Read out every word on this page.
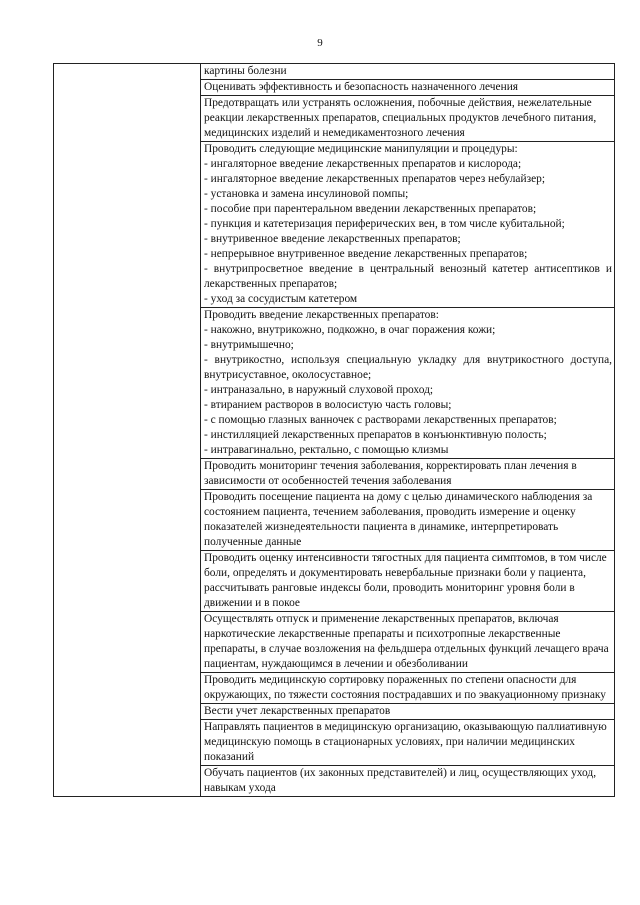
9

картины болезни

Оценивать эффективность и безопасность назначенного лечения

Предотвращать или устранять осложнения, побочные действия, нежелательные реакции лекарственных препаратов, специальных продуктов лечебного питания, медицинских изделий и немедикаментозного лечения

Проводить следующие медицинские манипуляции и процедуры:
- ингаляторное введение лекарственных препаратов и кислорода;
- ингаляторное введение лекарственных препаратов через небулайзер;
- установка и замена инсулиновой помпы;
- пособие при парентеральном введении лекарственных препаратов;
- пункция и катетеризация периферических вен, в том числе кубитальной;
- внутривенное введение лекарственных препаратов;
- непрерывное внутривенное введение лекарственных препаратов;
- внутрипросветное введение в центральный венозный катетер антисептиков и лекарственных препаратов;
- уход за сосудистым катетером

Проводить введение лекарственных препаратов:
- накожно, внутрикожно, подкожно, в очаг поражения кожи;
- внутримышечно;
- внутрикостно, используя специальную укладку для внутрикостного доступа, внутрисуставное, околосуставное;
- интраназально, в наружный слуховой проход;
- втиранием растворов в волосистую часть головы;
- с помощью глазных ванночек с растворами лекарственных препаратов;
- инстилляцией лекарственных препаратов в конъюнктивную полость;
- интравагинально, ректально, с помощью клизмы

Проводить мониторинг течения заболевания, корректировать план лечения в зависимости от особенностей течения заболевания

Проводить посещение пациента на дому с целью динамического наблюдения за состоянием пациента, течением заболевания, проводить измерение и оценку показателей жизнедеятельности пациента в динамике, интерпретировать полученные данные

Проводить оценку интенсивности тягостных для пациента симптомов, в том числе боли, определять и документировать невербальные признаки боли у пациента, рассчитывать ранговые индексы боли, проводить мониторинг уровня боли в движении и в покое

Осуществлять отпуск и применение лекарственных препаратов, включая наркотические лекарственные препараты и психотропные лекарственные препараты, в случае возложения на фельдшера отдельных функций лечащего врача пациентам, нуждающимся в лечении и обезболивании

Проводить медицинскую сортировку пораженных по степени опасности для окружающих, по тяжести состояния пострадавших и по эвакуационному признаку

Вести учет лекарственных препаратов

Направлять пациентов в медицинскую организацию, оказывающую паллиативную медицинскую помощь в стационарных условиях, при наличии медицинских показаний

Обучать пациентов (их законных представителей) и лиц, осуществляющих уход, навыкам ухода
